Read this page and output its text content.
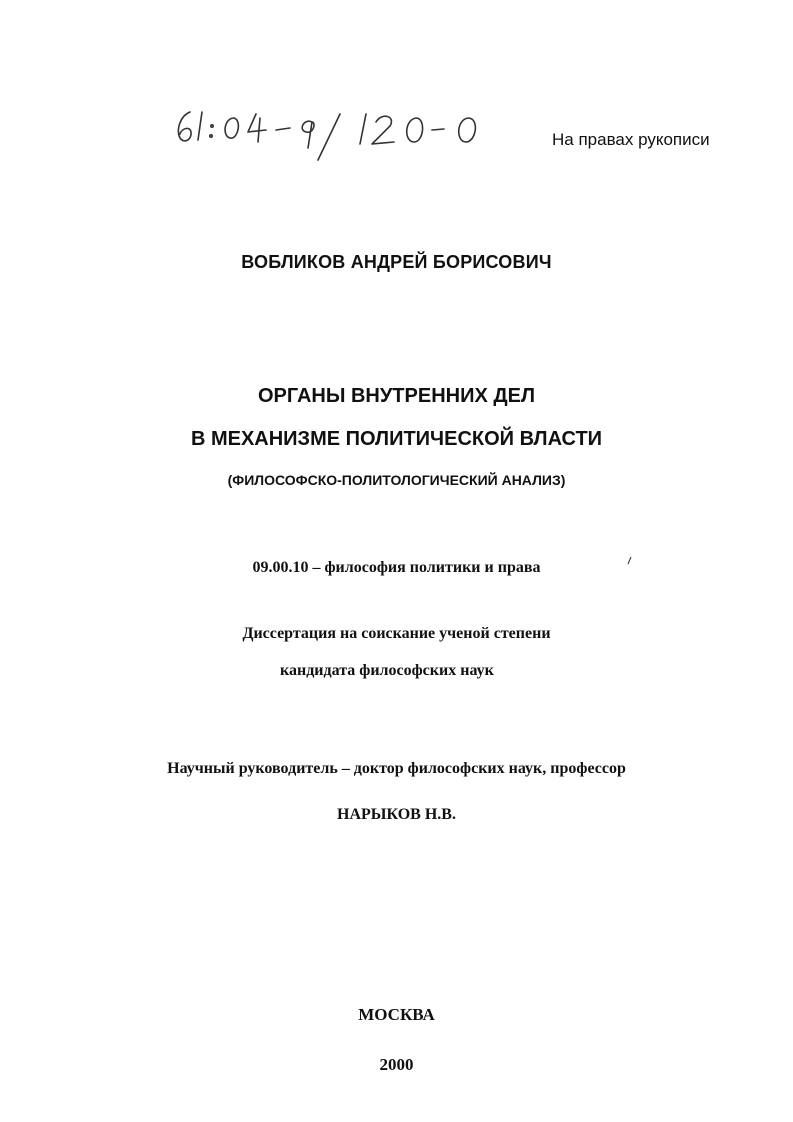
На правах рукописи
ВОБЛИКОВ АНДРЕЙ БОРИСОВИЧ
ОРГАНЫ ВНУТРЕННИХ ДЕЛ
В МЕХАНИЗМЕ ПОЛИТИЧЕСКОЙ ВЛАСТИ
(ФИЛОСОФСКО-ПОЛИТОЛОГИЧЕСКИЙ АНАЛИЗ)
09.00.10 – философия политики и права
Диссертация на соискание ученой степени
кандидата философских наук
Научный руководитель – доктор философских наук, профессор
НАРЫКОВ Н.В.
МОСКВА
2000
